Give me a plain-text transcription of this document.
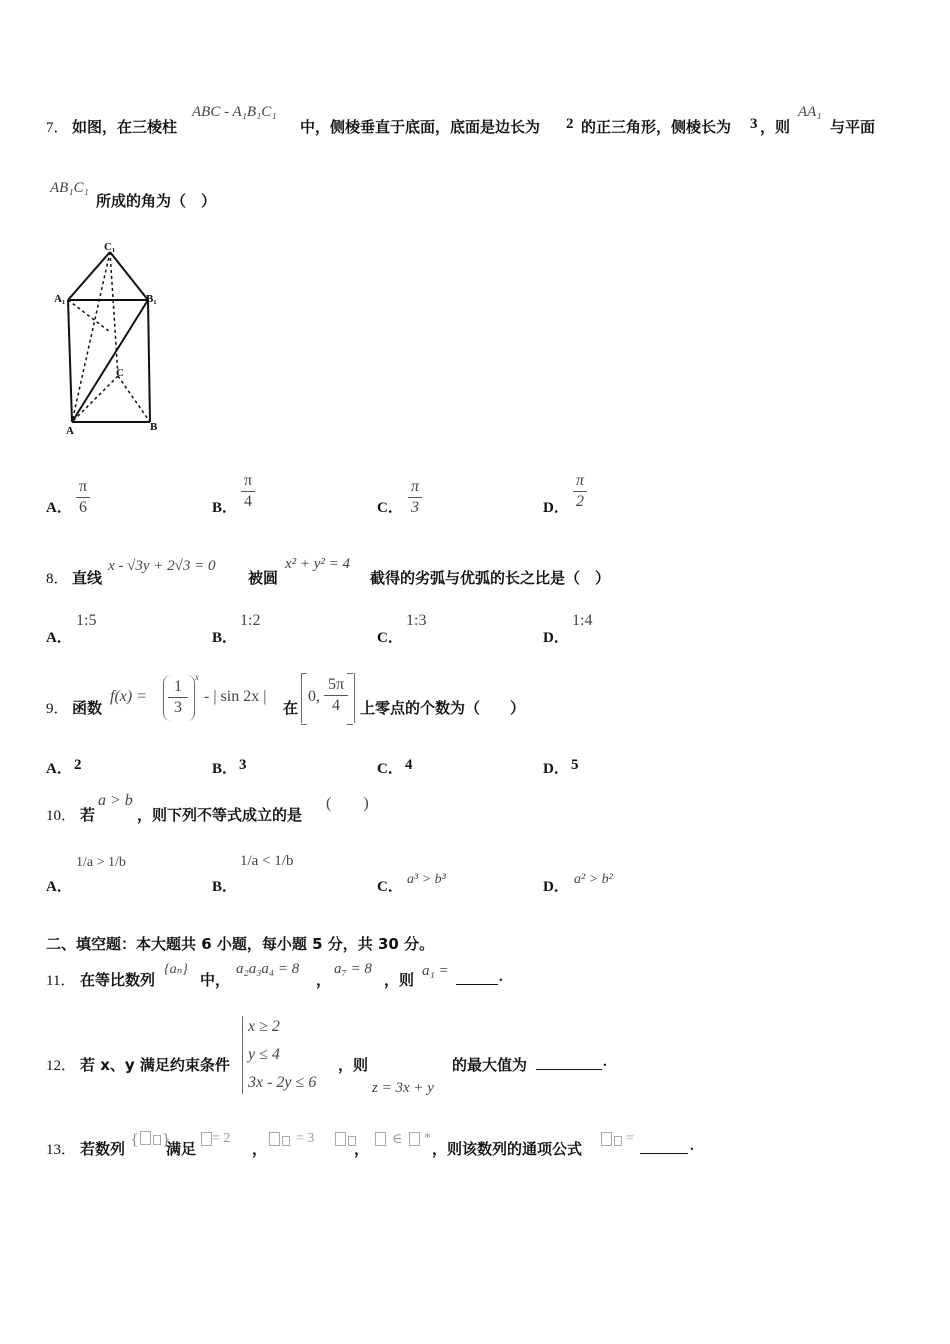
7． 如图，在三棱柱
ABC - A₁B₁C₁
中，侧棱垂直于底面，底面是边长为 2 的正三角形，侧棱长为 3 ，则
AA₁
与平面
AB₁C₁
所成的角为（　）
C₁
A₁	B₁
C
A	B
A．
π
6	B．
π
4	C．
π
3	D．
π
2
8． 直线
x - √3y + 2√3 = 0
被圆
x² + y² = 4
截得的劣弧与优弧的长之比是（　）
A．
1:5
B．
1:2
C．
1:3
D．
1:4
9． 函数
f(x) =
1
3
x
- | sin 2x |
在
0,
5π
4	上零点的个数为（　　）
A． 2	B． 3	C． 4	D． 5
10． 若
a > b
，则下列不等式成立的是
(　　)
A．
1/a > 1/b
B．
1/a < 1/b
C． a³ > b³	D． a² > b²
二、填空题：本大题共 6 小题，每小题 5 分，共 30 分。
11． 在等比数列
{aₙ}
中，
a₂a₃a₄ = 8
，
a₇ = 8
，则 a₁ =	.
12． 若 x、y 满足约束条件
x ≥ 2
y ≤ 4
3x - 2y ≤ 6
，则
z = 3x + y
的最大值为	.
13． 若数列 { }
满足
= 2
，
= 3
，
∈ *
，则该数列的通项公式
=	.
